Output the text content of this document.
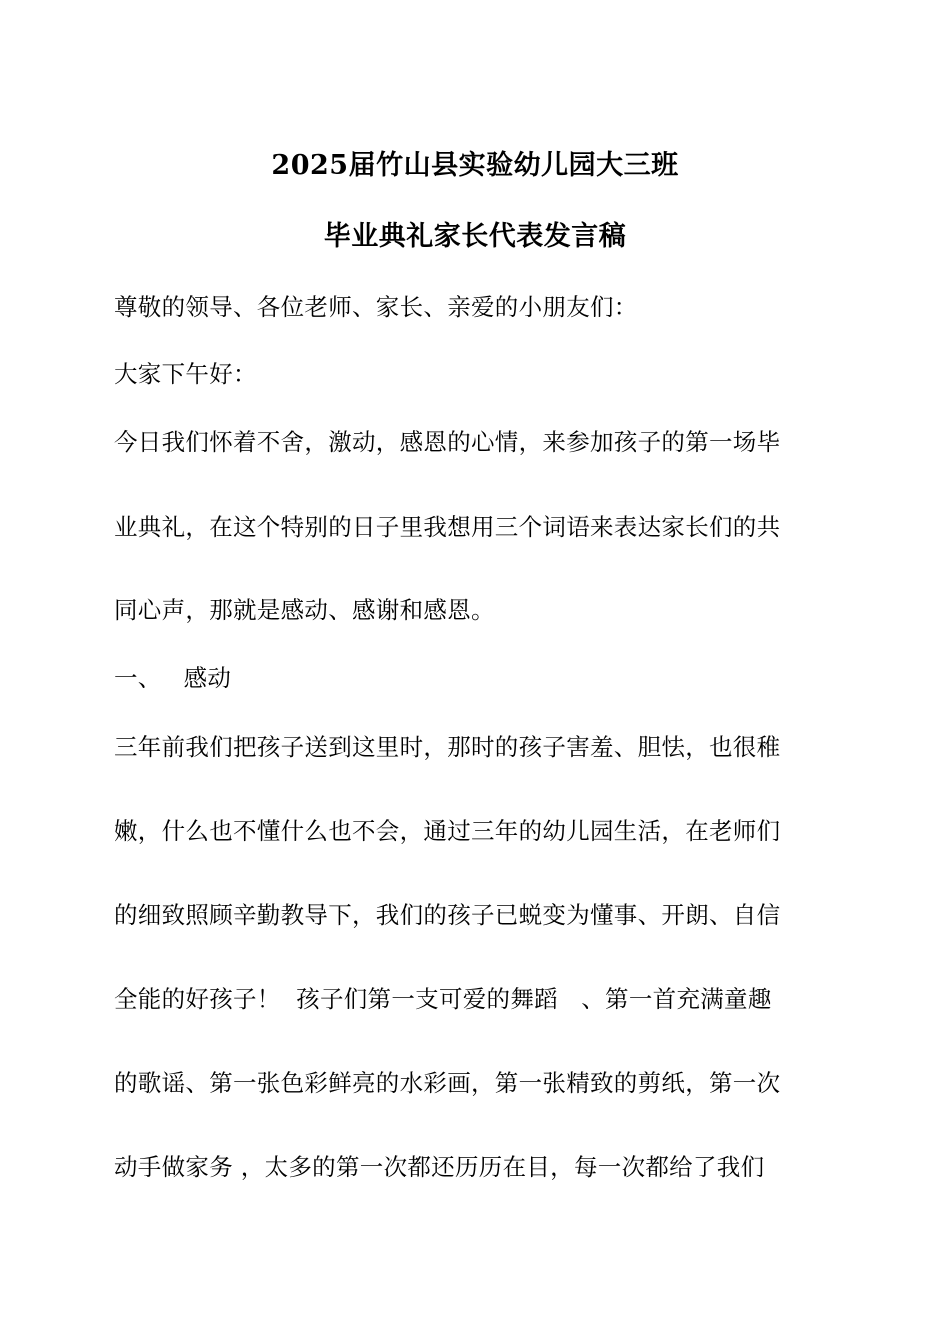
2025届竹山县实验幼儿园大三班
毕业典礼家长代表发言稿
尊敬的领导、各位老师、家长、亲爱的小朋友们：
大家下午好：
今日我们怀着不舍，激动，感恩的心情，来参加孩子的第一场毕
业典礼，在这个特别的日子里我想用三个词语来表达家长们的共
同心声，那就是感动、感谢和感恩。
一、 感动
三年前我们把孩子送到这里时，那时的孩子害羞、胆怯，也很稚
嫩，什么也不懂什么也不会，通过三年的幼儿园生活，在老师们
的细致照顾辛勤教导下，我们的孩子已蜕变为懂事、开朗、自信
全能的好孩子！  孩子们第一支可爱的舞蹈   、第一首充满童趣
的歌谣、第一张色彩鲜亮的水彩画，第一张精致的剪纸，第一次
动手做家务 ，太多的第一次都还历历在目，每一次都给了我们
